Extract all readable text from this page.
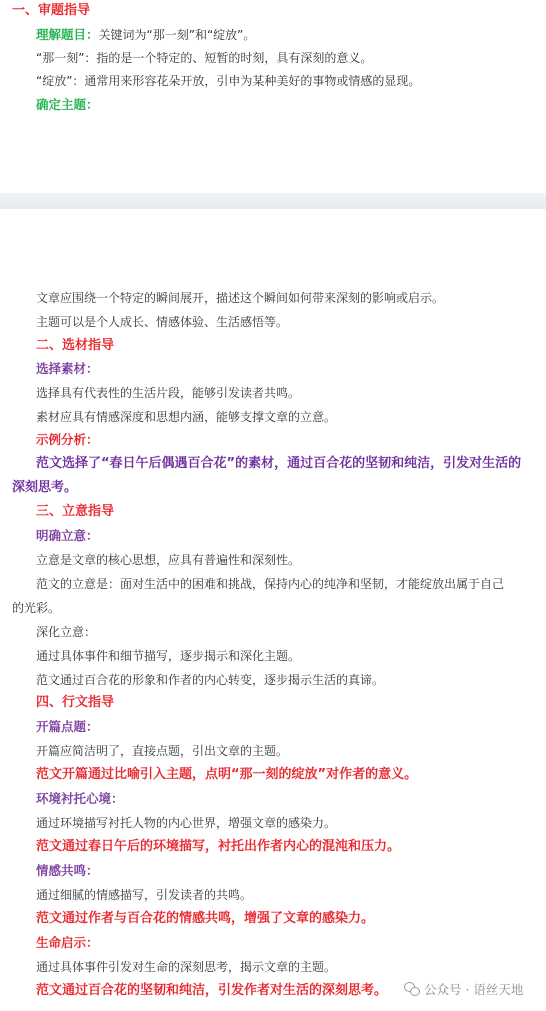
一、审题指导
理解题目：关键词为“那一刻”和“绽放”。
“那一刻”：指的是一个特定的、短暂的时刻，具有深刻的意义。
“绽放”：通常用来形容花朵开放，引申为某种美好的事物或情感的显现。
确定主题：
文章应围绕一个特定的瞬间展开，描述这个瞬间如何带来深刻的影响或启示。
主题可以是个人成长、情感体验、生活感悟等。
二、选材指导
选择素材：
选择具有代表性的生活片段，能够引发读者共鸣。
素材应具有情感深度和思想内涵，能够支撑文章的立意。
示例分析：
范文选择了“春日午后偶遇百合花”的素材，通过百合花的坚韧和纯洁，引发对生活的
深刻思考。
三、立意指导
明确立意：
立意是文章的核心思想，应具有普遍性和深刻性。
范文的立意是：面对生活中的困难和挑战，保持内心的纯净和坚韧，才能绽放出属于自己
的光彩。
深化立意：
通过具体事件和细节描写，逐步揭示和深化主题。
范文通过百合花的形象和作者的内心转变，逐步揭示生活的真谛。
四、行文指导
开篇点题：
开篇应简洁明了，直接点题，引出文章的主题。
范文开篇通过比喻引入主题，点明“那一刻的绽放”对作者的意义。
环境衬托心境：
通过环境描写衬托人物的内心世界，增强文章的感染力。
范文通过春日午后的环境描写，衬托出作者内心的混沌和压力。
情感共鸣：
通过细腻的情感描写，引发读者的共鸣。
范文通过作者与百合花的情感共鸣，增强了文章的感染力。
生命启示：
通过具体事件引发对生命的深刻思考，揭示文章的主题。
范文通过百合花的坚韧和纯洁，引发作者对生活的深刻思考。	公众号 · 语丝天地
